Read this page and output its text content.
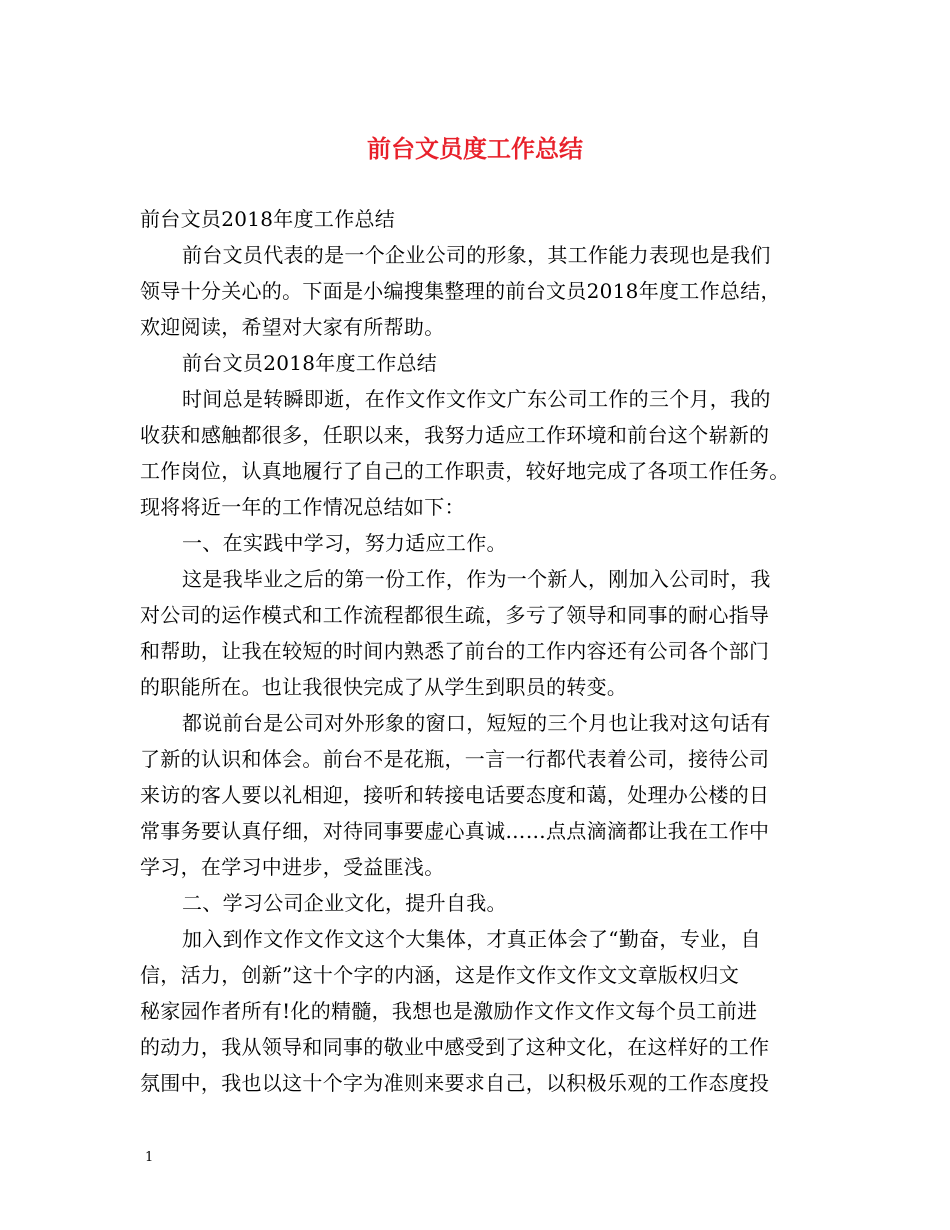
前台文员度工作总结
前台文员2018年度工作总结
前台文员代表的是一个企业公司的形象，其工作能力表现也是我们
领导十分关心的。下面是小编搜集整理的前台文员2018年度工作总结，
欢迎阅读，希望对大家有所帮助。
前台文员2018年度工作总结
时间总是转瞬即逝，在作文作文作文广东公司工作的三个月，我的
收获和感触都很多，任职以来，我努力适应工作环境和前台这个崭新的
工作岗位，认真地履行了自己的工作职责，较好地完成了各项工作任务。
现将将近一年的工作情况总结如下：
一、在实践中学习，努力适应工作。
这是我毕业之后的第一份工作，作为一个新人，刚加入公司时，我
对公司的运作模式和工作流程都很生疏，多亏了领导和同事的耐心指导
和帮助，让我在较短的时间内熟悉了前台的工作内容还有公司各个部门
的职能所在。也让我很快完成了从学生到职员的转变。
都说前台是公司对外形象的窗口，短短的三个月也让我对这句话有
了新的认识和体会。前台不是花瓶，一言一行都代表着公司，接待公司
来访的客人要以礼相迎，接听和转接电话要态度和蔼，处理办公楼的日
常事务要认真仔细，对待同事要虚心真诚……点点滴滴都让我在工作中
学习，在学习中进步，受益匪浅。
二、学习公司企业文化，提升自我。
加入到作文作文作文这个大集体，才真正体会了“勤奋，专业，自
信，活力，创新”这十个字的内涵，这是作文作文作文文章版权归文
秘家园作者所有!化的精髓，我想也是激励作文作文作文每个员工前进
的动力，我从领导和同事的敬业中感受到了这种文化，在这样好的工作
氛围中，我也以这十个字为准则来要求自己，以积极乐观的工作态度投
1
